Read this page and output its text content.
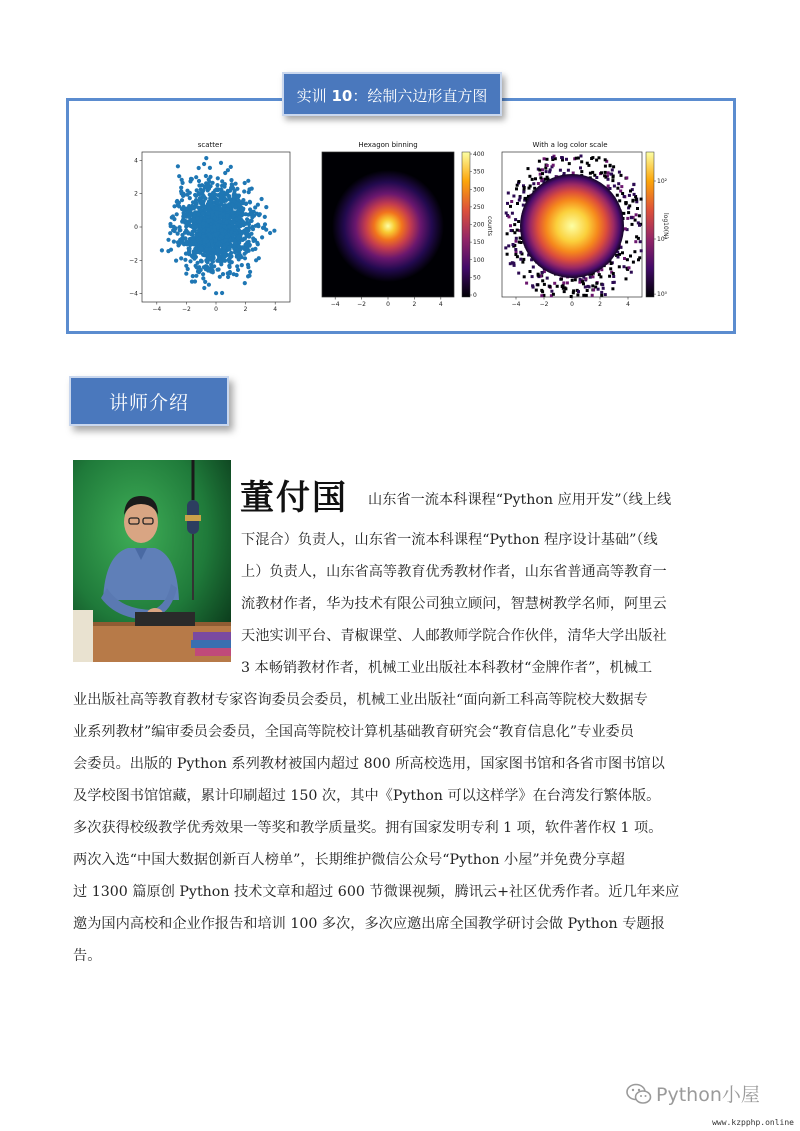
实训 10：绘制六边形直方图
scatter
−4	−2	0	2	4
4
2
0
−2
−4
Hexagon binning
counts
−4	−2	0	2	4
400
350
300
250
200
150
100
50
0
With a log color scale
log10(N)
−4	−2	0	2	4
10²
10¹
10⁰
讲师介绍
董付国 山东省一流本科课程“Python 应用开发”（线上线
下混合）负责人，山东省一流本科课程“Python 程序设计基础”（线
上）负责人，山东省高等教育优秀教材作者，山东省普通高等教育一
流教材作者，华为技术有限公司独立顾问，智慧树教学名师，阿里云
天池实训平台、青椒课堂、人邮教师学院合作伙伴，清华大学出版社
3 本畅销教材作者，机械工业出版社本科教材“金牌作者”，机械工
业出版社高等教育教材专家咨询委员会委员，机械工业出版社“面向新工科高等院校大数据专
业系列教材”编审委员会委员，全国高等院校计算机基础教育研究会“教育信息化”专业委员
会委员。出版的 Python 系列教材被国内超过 800 所高校选用，国家图书馆和各省市图书馆以
及学校图书馆馆藏，累计印刷超过 150 次，其中《Python 可以这样学》在台湾发行繁体版。
多次获得校级教学优秀效果一等奖和教学质量奖。拥有国家发明专利 1 项，软件著作权 1 项。
两次入选“中国大数据创新百人榜单”，长期维护微信公众号“Python 小屋”并免费分享超
过 1300 篇原创 Python 技术文章和超过 600 节微课视频，腾讯云+社区优秀作者。近几年来应
邀为国内高校和企业作报告和培训 100 多次，多次应邀出席全国教学研讨会做 Python 专题报
告。
Python小屋
www.kzpphp.online
